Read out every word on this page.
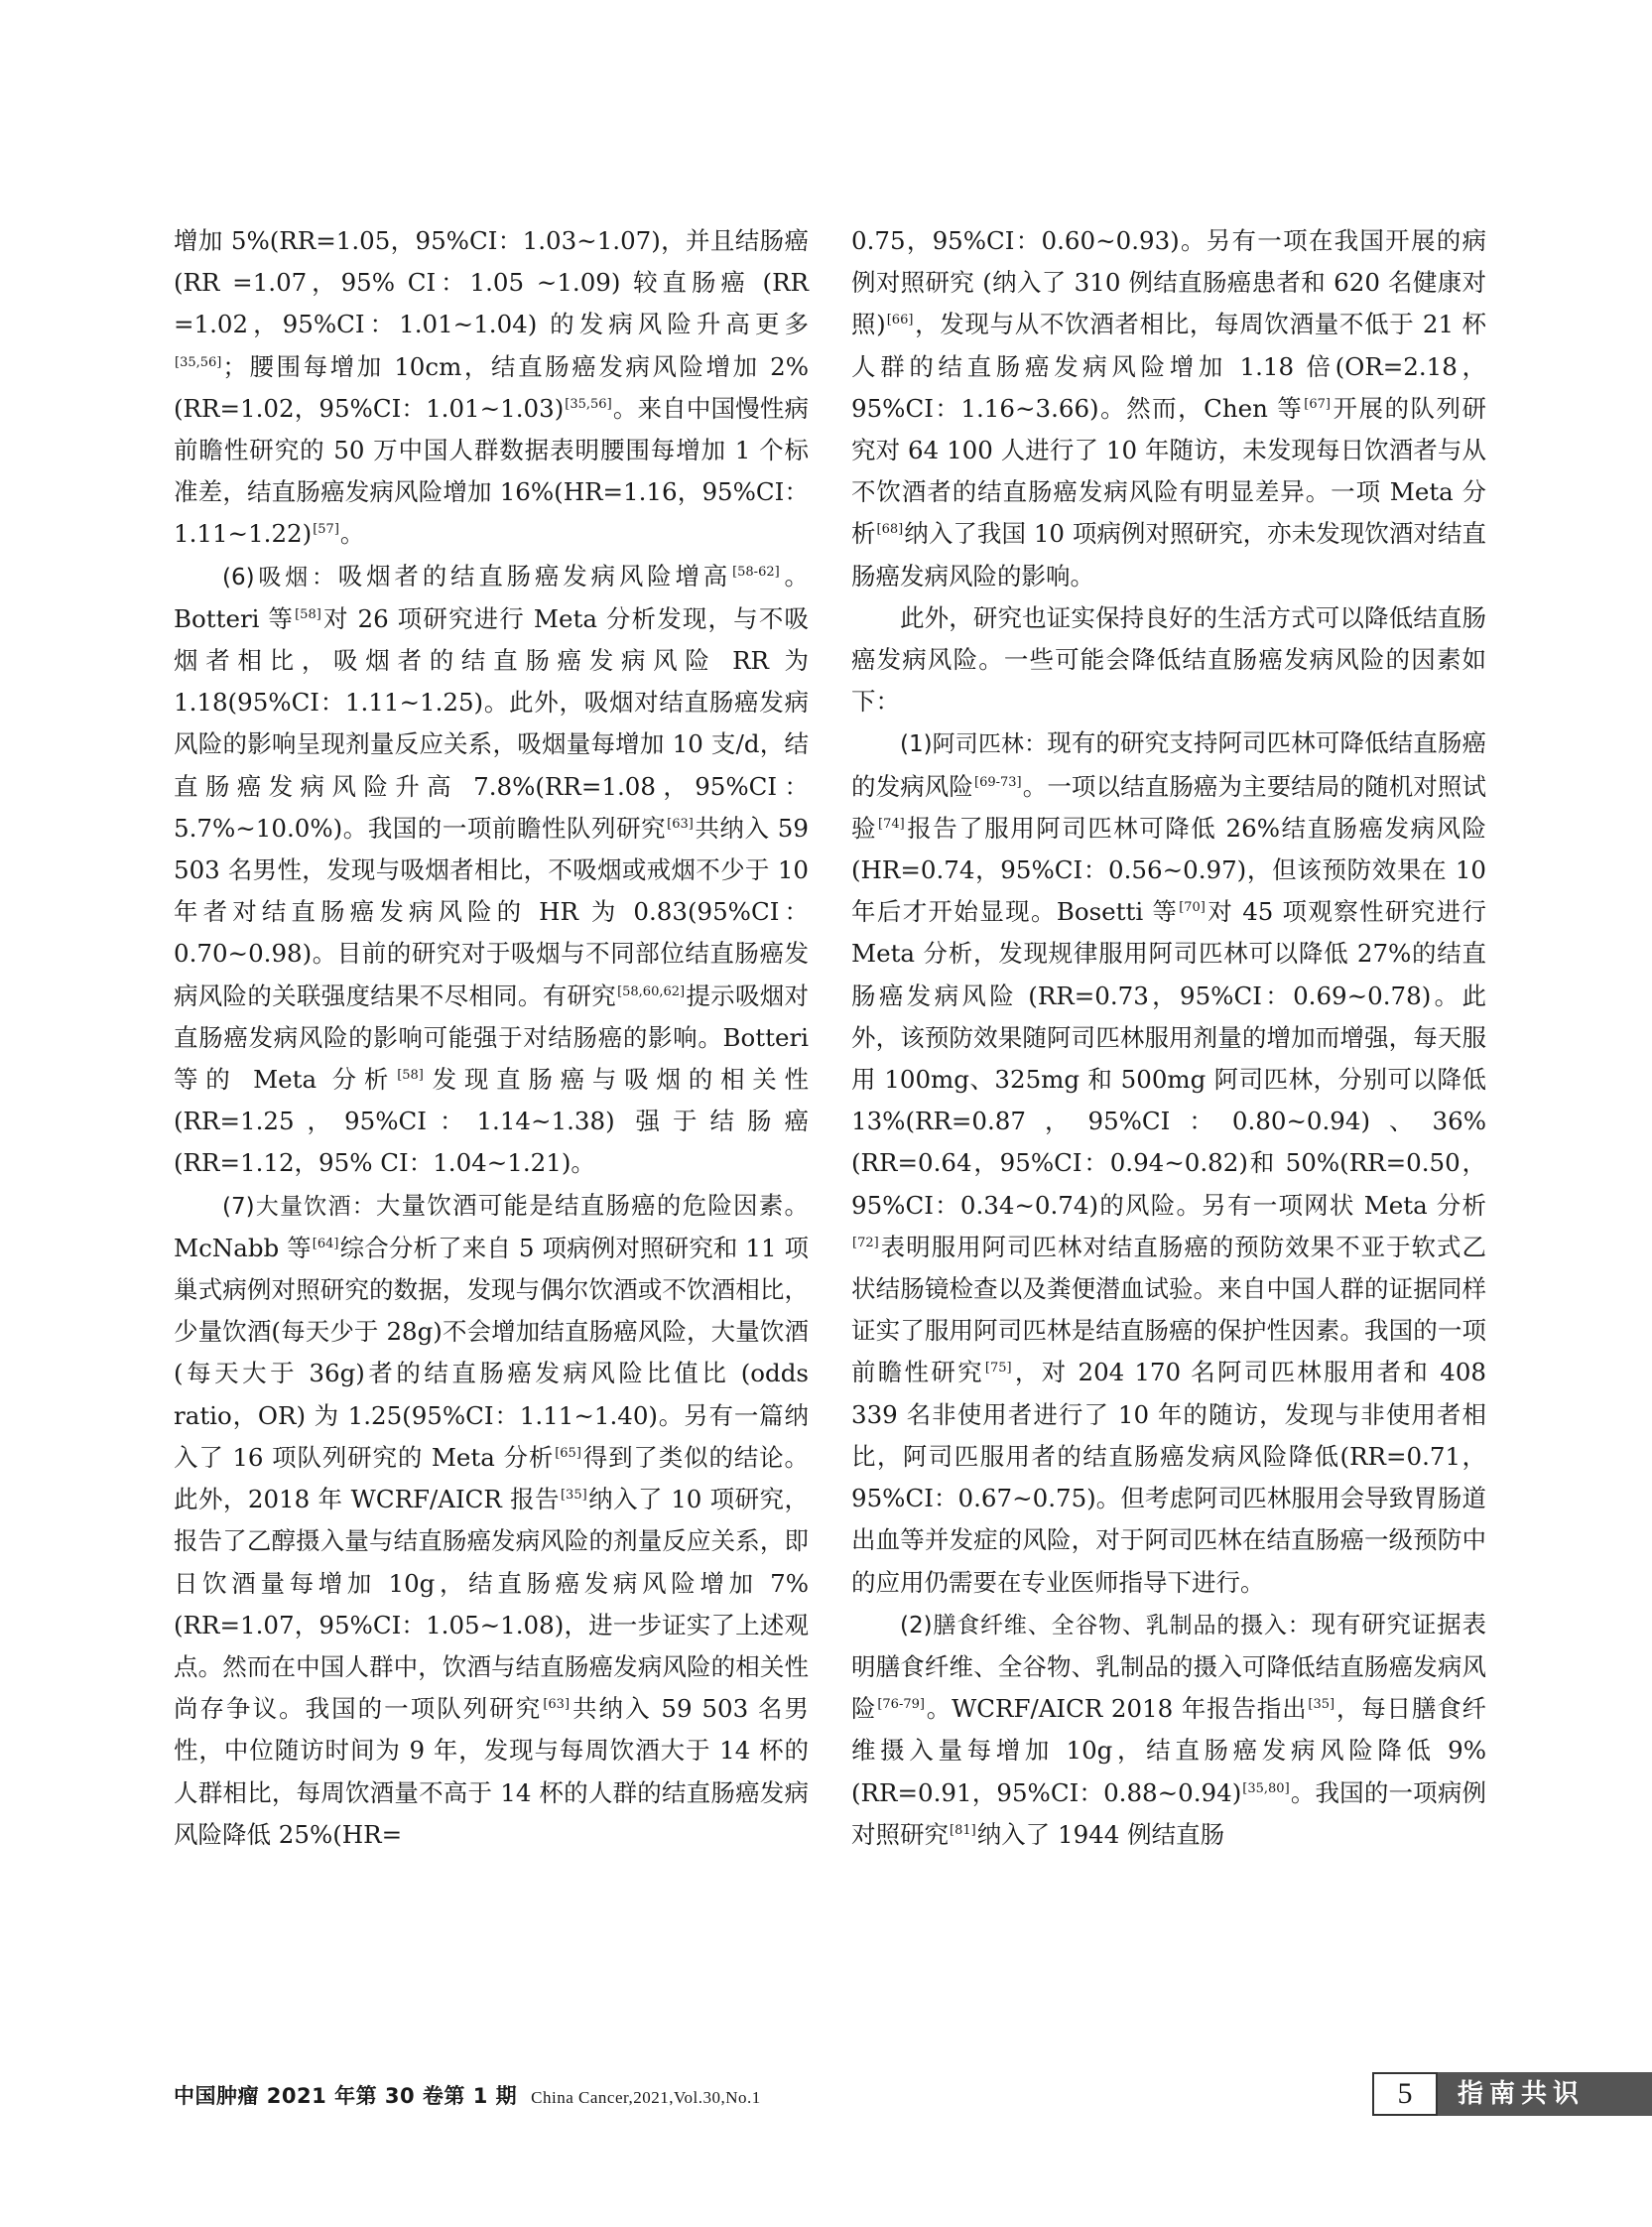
增加 5%(RR=1.05，95%CI：1.03~1.07)，并且结肠癌(RR =1.07，95% CI：1.05 ~1.09) 较直肠癌 (RR =1.02，95%CI：1.01~1.04) 的发病风险升高更多[35,56]；腰围每增加 10cm，结直肠癌发病风险增加 2%(RR=1.02，95%CI：1.01~1.03)[35,56]。来自中国慢性病前瞻性研究的 50 万中国人群数据表明腰围每增加 1 个标准差，结直肠癌发病风险增加 16%(HR=1.16，95%CI：1.11~1.22)[57]。

(6)吸烟：吸烟者的结直肠癌发病风险增高[58-62]。Botteri 等[58]对 26 项研究进行 Meta 分析发现，与不吸烟者相比，吸烟者的结直肠癌发病风险 RR 为 1.18(95%CI：1.11~1.25)。此外，吸烟对结直肠癌发病风险的影响呈现剂量反应关系，吸烟量每增加 10 支/d，结直肠癌发病风险升高 7.8%(RR=1.08，95%CI：5.7%~10.0%)。我国的一项前瞻性队列研究[63]共纳入 59 503 名男性，发现与吸烟者相比，不吸烟或戒烟不少于 10 年者对结直肠癌发病风险的 HR 为 0.83(95%CI：0.70~0.98)。目前的研究对于吸烟与不同部位结直肠癌发病风险的关联强度结果不尽相同。有研究[58,60,62]提示吸烟对直肠癌发病风险的影响可能强于对结肠癌的影响。Botteri 等的 Meta 分析[58]发现直肠癌与吸烟的相关性 (RR=1.25，95%CI：1.14~1.38) 强于结肠癌 (RR=1.12，95% CI：1.04~1.21)。

(7)大量饮酒：大量饮酒可能是结直肠癌的危险因素。McNabb 等[64]综合分析了来自 5 项病例对照研究和 11 项巢式病例对照研究的数据，发现与偶尔饮酒或不饮酒相比，少量饮酒(每天少于 28g)不会增加结直肠癌风险，大量饮酒(每天大于 36g)者的结直肠癌发病风险比值比 (odds ratio，OR) 为 1.25(95%CI：1.11~1.40)。另有一篇纳入了 16 项队列研究的 Meta 分析[65]得到了类似的结论。此外，2018 年 WCRF/AICR 报告[35]纳入了 10 项研究，报告了乙醇摄入量与结直肠癌发病风险的剂量反应关系，即日饮酒量每增加 10g，结直肠癌发病风险增加 7%(RR=1.07，95%CI：1.05~1.08)，进一步证实了上述观点。然而在中国人群中，饮酒与结直肠癌发病风险的相关性尚存争议。我国的一项队列研究[63]共纳入 59 503 名男性，中位随访时间为 9 年，发现与每周饮酒大于 14 杯的人群相比，每周饮酒量不高于 14 杯的人群的结直肠癌发病风险降低 25%(HR=

0.75，95%CI：0.60~0.93)。另有一项在我国开展的病例对照研究 (纳入了 310 例结直肠癌患者和 620 名健康对照)[66]，发现与从不饮酒者相比，每周饮酒量不低于 21 杯人群的结直肠癌发病风险增加 1.18 倍(OR=2.18，95%CI：1.16~3.66)。然而，Chen 等[67]开展的队列研究对 64 100 人进行了 10 年随访，未发现每日饮酒者与从不饮酒者的结直肠癌发病风险有明显差异。一项 Meta 分析[68]纳入了我国 10 项病例对照研究，亦未发现饮酒对结直肠癌发病风险的影响。

此外，研究也证实保持良好的生活方式可以降低结直肠癌发病风险。一些可能会降低结直肠癌发病风险的因素如下：

(1)阿司匹林：现有的研究支持阿司匹林可降低结直肠癌的发病风险[69-73]。一项以结直肠癌为主要结局的随机对照试验[74]报告了服用阿司匹林可降低 26%结直肠癌发病风险(HR=0.74，95%CI：0.56~0.97)，但该预防效果在 10 年后才开始显现。Bosetti 等[70]对 45 项观察性研究进行 Meta 分析，发现规律服用阿司匹林可以降低 27%的结直肠癌发病风险 (RR=0.73，95%CI：0.69~0.78)。此外，该预防效果随阿司匹林服用剂量的增加而增强，每天服用 100mg、325mg 和 500mg 阿司匹林，分别可以降低 13%(RR=0.87，95%CI：0.80~0.94)、36%(RR=0.64，95%CI：0.94~0.82)和 50%(RR=0.50，95%CI：0.34~0.74)的风险。另有一项网状 Meta 分析[72]表明服用阿司匹林对结直肠癌的预防效果不亚于软式乙状结肠镜检查以及粪便潜血试验。来自中国人群的证据同样证实了服用阿司匹林是结直肠癌的保护性因素。我国的一项前瞻性研究[75]，对 204 170 名阿司匹林服用者和 408 339 名非使用者进行了 10 年的随访，发现与非使用者相比，阿司匹服用者的结直肠癌发病风险降低(RR=0.71，95%CI：0.67~0.75)。但考虑阿司匹林服用会导致胃肠道出血等并发症的风险，对于阿司匹林在结直肠癌一级预防中的应用仍需要在专业医师指导下进行。

(2)膳食纤维、全谷物、乳制品的摄入：现有研究证据表明膳食纤维、全谷物、乳制品的摄入可降低结直肠癌发病风险[76-79]。WCRF/AICR 2018 年报告指出[35]，每日膳食纤维摄入量每增加 10g，结直肠癌发病风险降低 9%(RR=0.91，95%CI：0.88~0.94)[35,80]。我国的一项病例对照研究[81]纳入了 1944 例结直肠

中国肿瘤 2021 年第 30 卷第 1 期 China Cancer,2021,Vol.30,No.1	5	指南共识
